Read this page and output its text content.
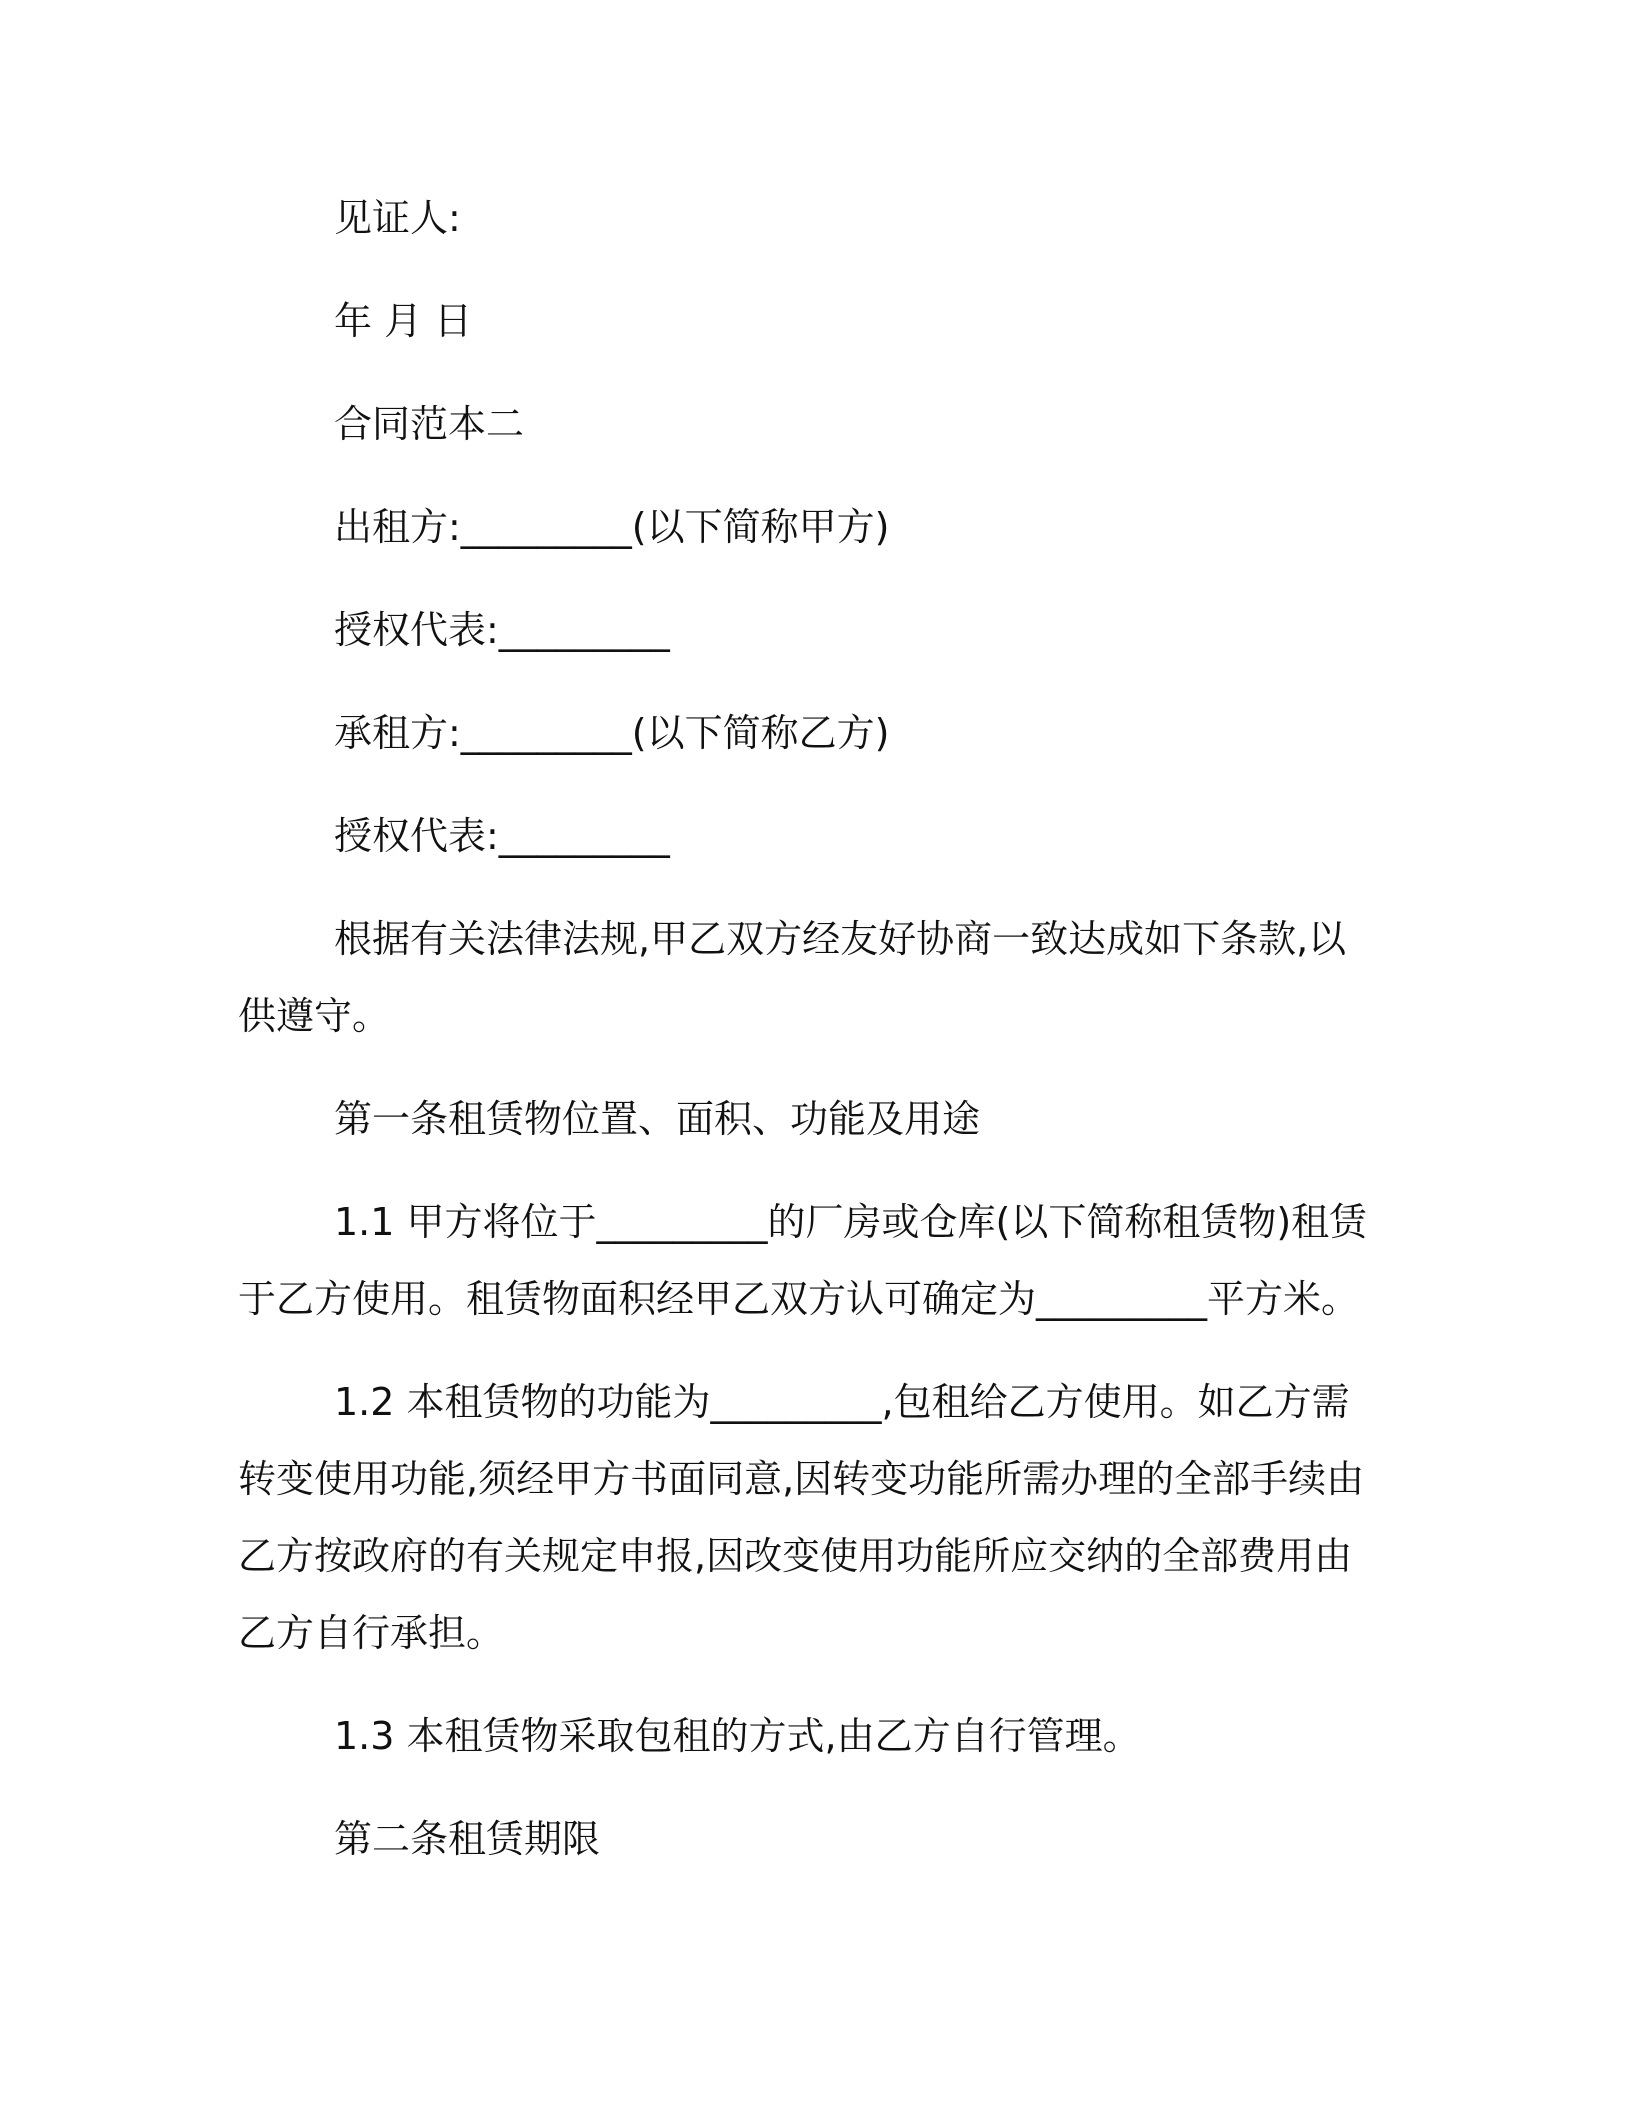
见证人:

年 月 日

合同范本二

出租方:_________(以下简称甲方)

授权代表:_________

承租方:_________(以下简称乙方)

授权代表:_________

根据有关法律法规,甲乙双方经友好协商一致达成如下条款,以供遵守。

第一条租赁物位置、面积、功能及用途

1.1 甲方将位于_________的厂房或仓库(以下简称租赁物)租赁于乙方使用。租赁物面积经甲乙双方认可确定为_________平方米。

1.2 本租赁物的功能为_________,包租给乙方使用。如乙方需转变使用功能,须经甲方书面同意,因转变功能所需办理的全部手续由乙方按政府的有关规定申报,因改变使用功能所应交纳的全部费用由乙方自行承担。

1.3 本租赁物采取包租的方式,由乙方自行管理。

第二条租赁期限
